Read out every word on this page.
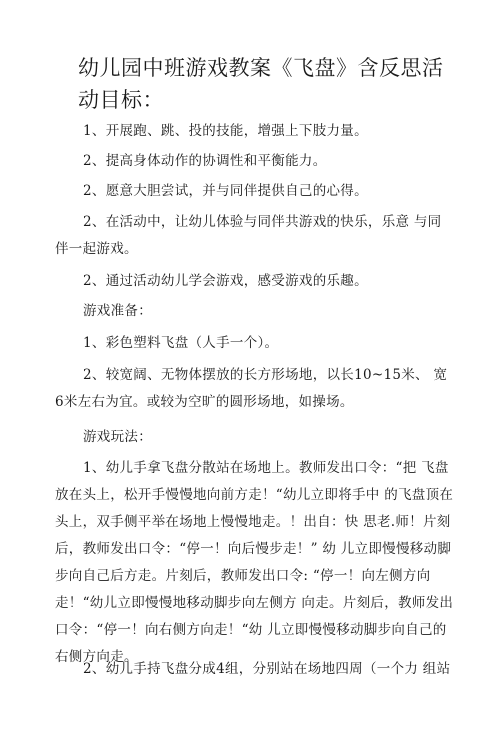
幼儿园中班游戏教案《飞盘》含反思活动目标：

1、开展跑、跳、投的技能，增强上下肢力量。

2、提高身体动作的协调性和平衡能力。

2、愿意大胆尝试，并与同伴提供自己的心得。

2、在活动中，让幼儿体验与同伴共游戏的快乐，乐意 与同伴一起游戏。

2、通过活动幼儿学会游戏，感受游戏的乐趣。

游戏准备：

1、彩色塑料飞盘（人手一个）。

2、较宽阔、无物体摆放的长方形场地，以长10~15米、 宽6米左右为宜。或较为空旷的圆形场地，如操场。

游戏玩法：

1、幼儿手拿飞盘分散站在场地上。教师发出口令：“把 飞盘放在头上，松开手慢慢地向前方走！“幼儿立即将手中 的飞盘顶在头上，双手侧平举在场地上慢慢地走。！出自：快 思老.师！片刻后，教师发出口令：“停一！向后慢步走！” 幼 儿立即慢慢移动脚步向自己后方走。片刻后，教师发出口令: “停一！向左侧方向走！“幼儿立即慢慢地移动脚步向左侧方 向走。片刻后，教师发出口令：“停一！向右侧方向走！“幼 儿立即慢慢移动脚步向自己的右侧方向走。

2、幼儿手持飞盘分成4组，分别站在场地四周（一个力 组站
